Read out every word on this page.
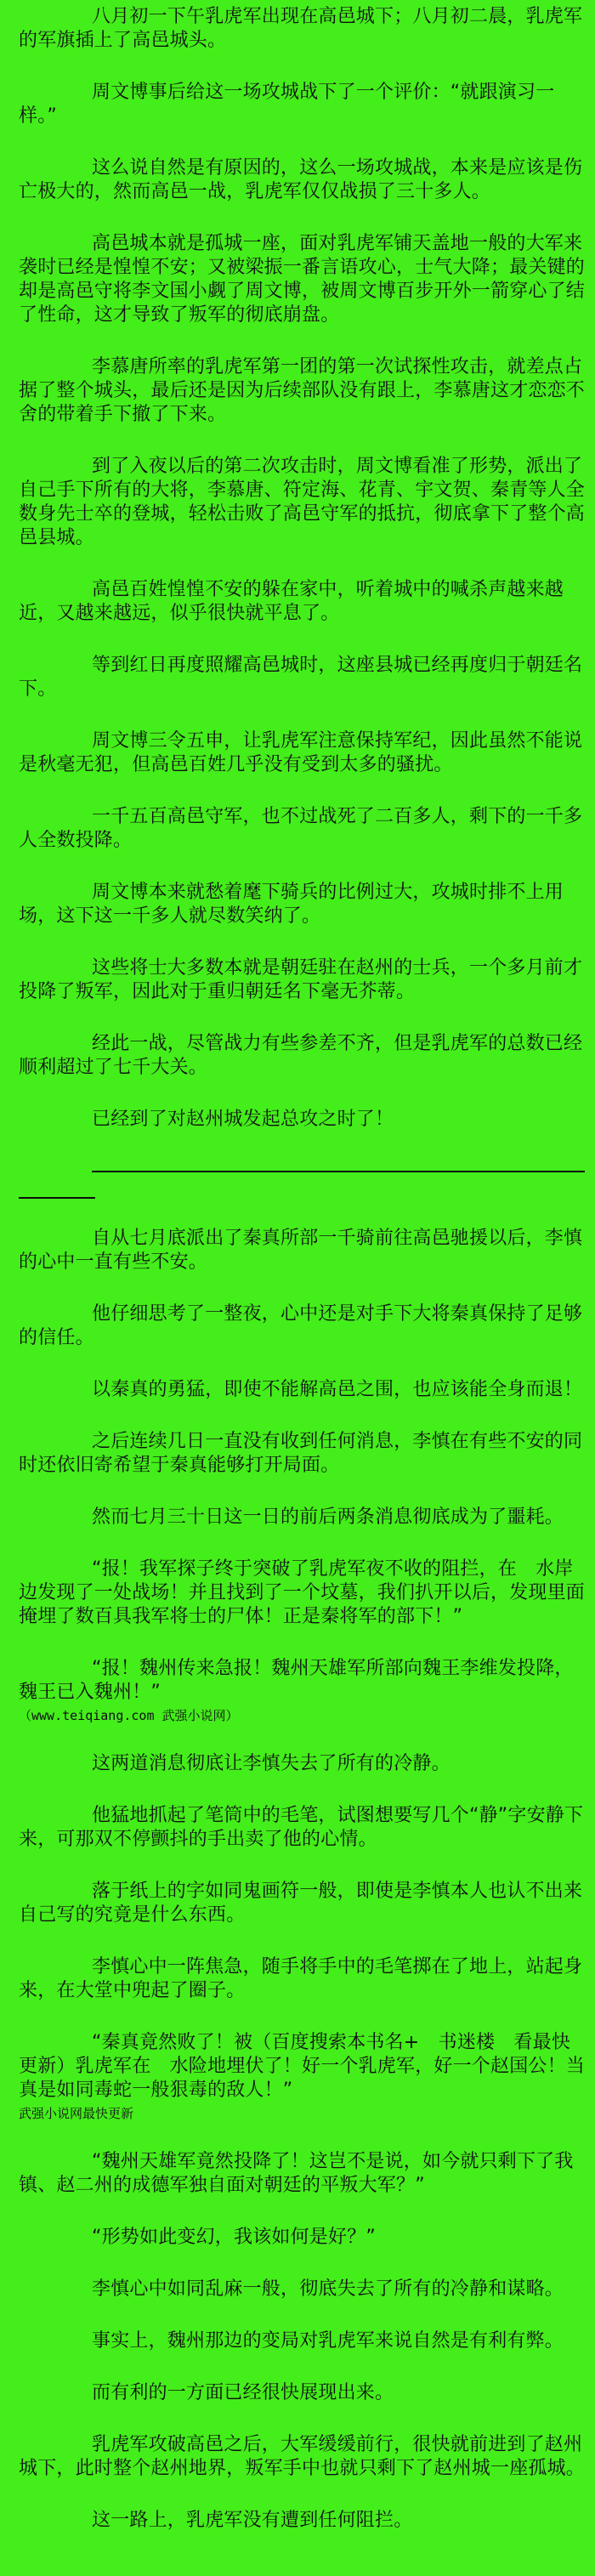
八月初一下午乳虎军出现在高邑城下；八月初二晨，乳虎军的军旗插上了高邑城头。

周文博事后给这一场攻城战下了一个评价：“就跟演习一样。”

这么说自然是有原因的，这么一场攻城战，本来是应该是伤亡极大的，然而高邑一战，乳虎军仅仅战损了三十多人。

高邑城本就是孤城一座，面对乳虎军铺天盖地一般的大军来袭时已经是惶惶不安；又被梁振一番言语攻心，士气大降；最关键的却是高邑守将李文国小觑了周文博，被周文博百步开外一箭穿心了结了性命，这才导致了叛军的彻底崩盘。

李慕唐所率的乳虎军第一团的第一次试探性攻击，就差点占据了整个城头，最后还是因为后续部队没有跟上，李慕唐这才恋恋不舍的带着手下撤了下来。

到了入夜以后的第二次攻击时，周文博看准了形势，派出了自己手下所有的大将，李慕唐、符定海、花青、宇文贺、秦青等人全数身先士卒的登城，轻松击败了高邑守军的抵抗，彻底拿下了整个高邑县城。

高邑百姓惶惶不安的躲在家中，听着城中的喊杀声越来越近，又越来越远，似乎很快就平息了。

等到红日再度照耀高邑城时，这座县城已经再度归于朝廷名下。

周文博三令五申，让乳虎军注意保持军纪，因此虽然不能说是秋毫无犯，但高邑百姓几乎没有受到太多的骚扰。

一千五百高邑守军，也不过战死了二百多人，剩下的一千多人全数投降。

周文博本来就愁着麾下骑兵的比例过大，攻城时排不上用场，这下这一千多人就尽数笑纳了。

这些将士大多数本就是朝廷驻在赵州的士兵，一个多月前才投降了叛军，因此对于重归朝廷名下毫无芥蒂。

经此一战，尽管战力有些参差不齐，但是乳虎军的总数已经顺利超过了七千大关。

已经到了对赵州城发起总攻之时了！

自从七月底派出了秦真所部一千骑前往高邑驰援以后，李慎的心中一直有些不安。

他仔细思考了一整夜，心中还是对手下大将秦真保持了足够的信任。

以秦真的勇猛，即使不能解高邑之围，也应该能全身而退！

之后连续几日一直没有收到任何消息，李慎在有些不安的同时还依旧寄希望于秦真能够打开局面。

然而七月三十日这一日的前后两条消息彻底成为了噩耗。

“报！我军探子终于突破了乳虎军夜不收的阻拦，在　水岸边发现了一处战场！并且找到了一个坟墓，我们扒开以后，发现里面掩埋了数百具我军将士的尸体！正是秦将军的部下！”

“报！魏州传来急报！魏州天雄军所部向魏王李维发投降，魏王已入魏州！”

（www.teiqiang.com 武强小说网）

这两道消息彻底让李慎失去了所有的冷静。

他猛地抓起了笔筒中的毛笔，试图想要写几个“静”字安静下来，可那双不停颤抖的手出卖了他的心情。

落于纸上的字如同鬼画符一般，即使是李慎本人也认不出来自己写的究竟是什么东西。

李慎心中一阵焦急，随手将手中的毛笔掷在了地上，站起身来，在大堂中兜起了圈子。

“秦真竟然败了！被（百度搜索本书名+　书迷楼　看最快更新）乳虎军在　水险地埋伏了！好一个乳虎军，好一个赵国公！当真是如同毒蛇一般狠毒的敌人！”

武强小说网最快更新

“魏州天雄军竟然投降了！这岂不是说，如今就只剩下了我镇、赵二州的成德军独自面对朝廷的平叛大军？”

“形势如此变幻，我该如何是好？”

李慎心中如同乱麻一般，彻底失去了所有的冷静和谋略。

事实上，魏州那边的变局对乳虎军来说自然是有利有弊。

而有利的一方面已经很快展现出来。

乳虎军攻破高邑之后，大军缓缓前行，很快就前进到了赵州城下，此时整个赵州地界，叛军手中也就只剩下了赵州城一座孤城。

这一路上，乳虎军没有遭到任何阻拦。
